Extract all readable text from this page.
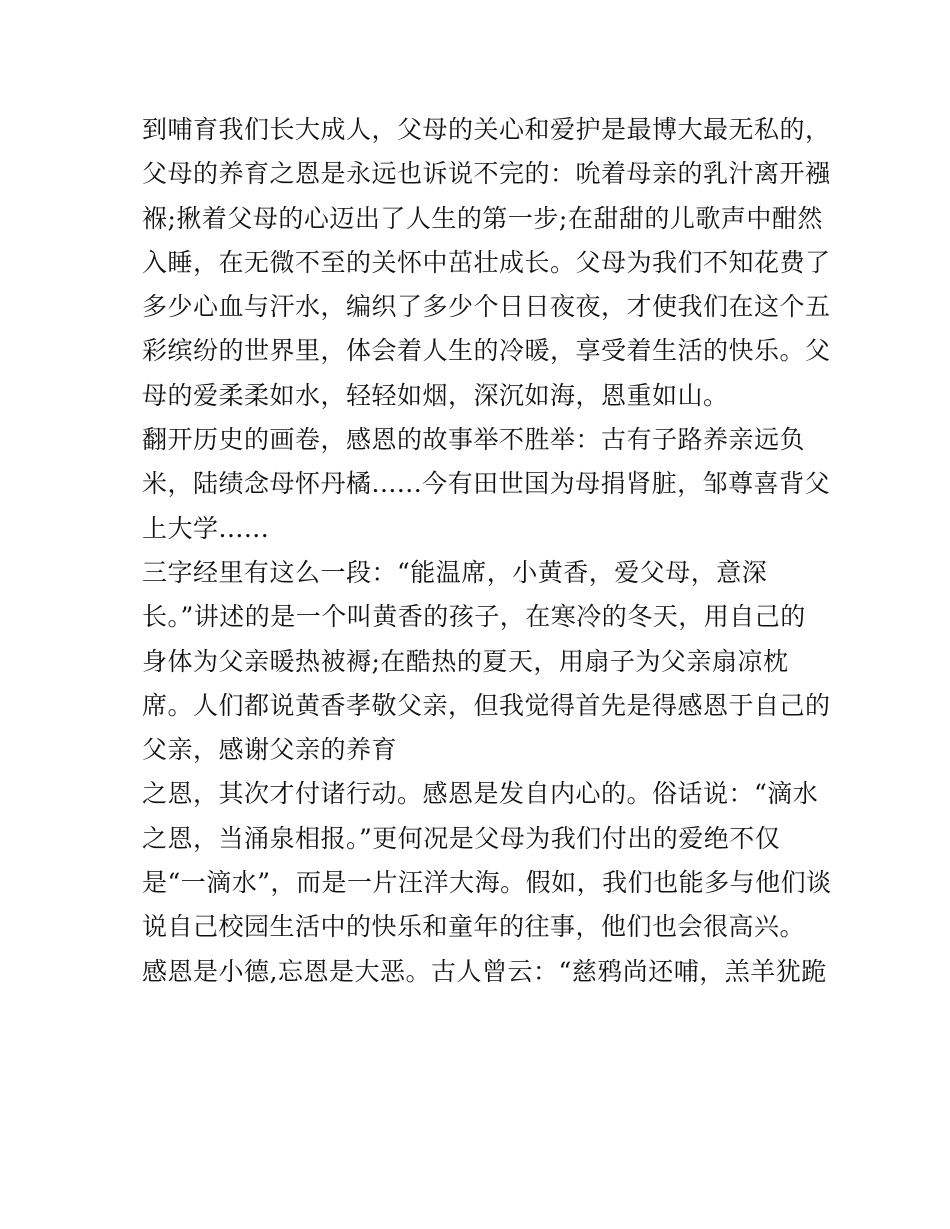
到哺育我们长大成人，父母的关心和爱护是最博大最无私的，
父母的养育之恩是永远也诉说不完的：吮着母亲的乳汁离开襁
褓;揪着父母的心迈出了人生的第一步;在甜甜的儿歌声中酣然
入睡，在无微不至的关怀中茁壮成长。父母为我们不知花费了
多少心血与汗水，编织了多少个日日夜夜，才使我们在这个五
彩缤纷的世界里，体会着人生的冷暖，享受着生活的快乐。父
母的爱柔柔如水，轻轻如烟，深沉如海，恩重如山。
翻开历史的画卷，感恩的故事举不胜举：古有子路养亲远负
米，陆绩念母怀丹橘......今有田世国为母捐肾脏，邹尊喜背父
上大学......
三字经里有这么一段：“能温席，小黄香，爱父母，意深
长。”讲述的是一个叫黄香的孩子，在寒冷的冬天，用自己的
身体为父亲暖热被褥;在酷热的夏天，用扇子为父亲扇凉枕
席。人们都说黄香孝敬父亲，但我觉得首先是得感恩于自己的
父亲，感谢父亲的养育
之恩，其次才付诸行动。感恩是发自内心的。俗话说：“滴水
之恩，当涌泉相报。”更何况是父母为我们付出的爱绝不仅
是“一滴水”，而是一片汪洋大海。假如，我们也能多与他们谈
说自己校园生活中的快乐和童年的往事，他们也会很高兴。
感恩是小德,忘恩是大恶。古人曾云：“慈鸦尚还哺，羔羊犹跪
